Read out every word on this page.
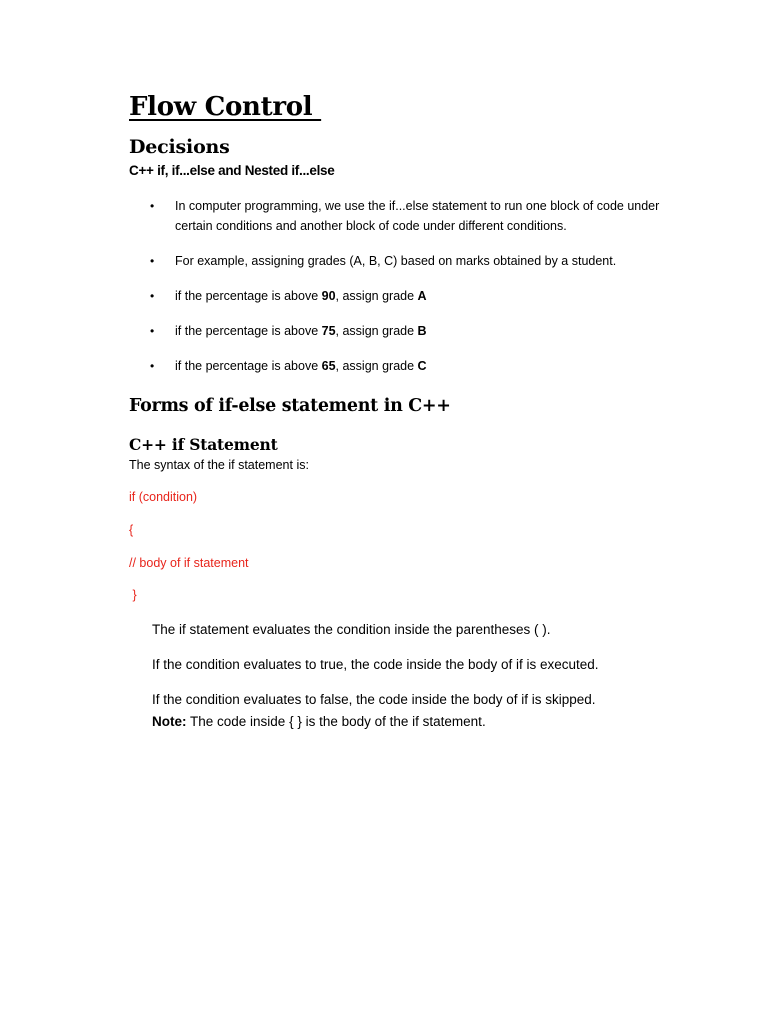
Flow Control
Decisions
C++ if, if...else and Nested if...else
• In computer programming, we use the if...else statement to run one block of code under certain conditions and another block of code under different conditions.
• For example, assigning grades (A, B, C) based on marks obtained by a student.
• if the percentage is above 90, assign grade A
• if the percentage is above 75, assign grade B
• if the percentage is above 65, assign grade C
Forms of if-else statement in C++
C++ if Statement

The syntax of the if statement is:

if (condition)

{

// body of if statement

}

The if statement evaluates the condition inside the parentheses ( ).

If the condition evaluates to true, the code inside the body of if is executed.

If the condition evaluates to false, the code inside the body of if is skipped.

Note: The code inside { } is the body of the if statement.
